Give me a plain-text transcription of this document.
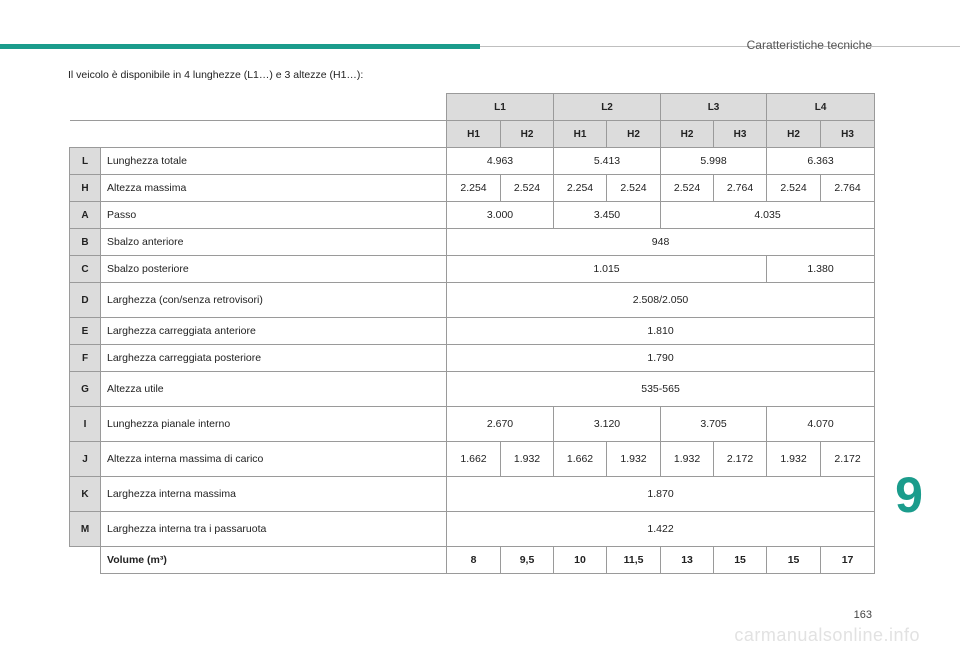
Caratteristiche tecniche
Il veicolo è disponibile in 4 lunghezze (L1…) e 3 altezze (H1…):
		L1		L2		L3		L4	
		H1	H2	H1	H2	H2	H3	H2	H3
L	Lunghezza totale	4.963		5.413		5.998		6.363	
H	Altezza massima	2.254	2.524	2.254	2.524	2.524	2.764	2.524	2.764
A	Passo	3.000		3.450		4.035			
B	Sbalzo anteriore	948							
C	Sbalzo posteriore	1.015						1.380	
D	Larghezza (con/senza retrovisori)	2.508/2.050							
E	Larghezza carreggiata anteriore	1.810							
F	Larghezza carreggiata posteriore	1.790							
G	Altezza utile	535-565							
I	Lunghezza pianale interno	2.670		3.120		3.705		4.070	
J	Altezza interna massima di carico	1.662	1.932	1.662	1.932	1.932	2.172	1.932	2.172
K	Larghezza interna massima	1.870							
M	Larghezza interna tra i passaruota	1.422							
	Volume (m³)	8	9,5	10	11,5	13	15	15	17
9
163
carmanualsonline.info
